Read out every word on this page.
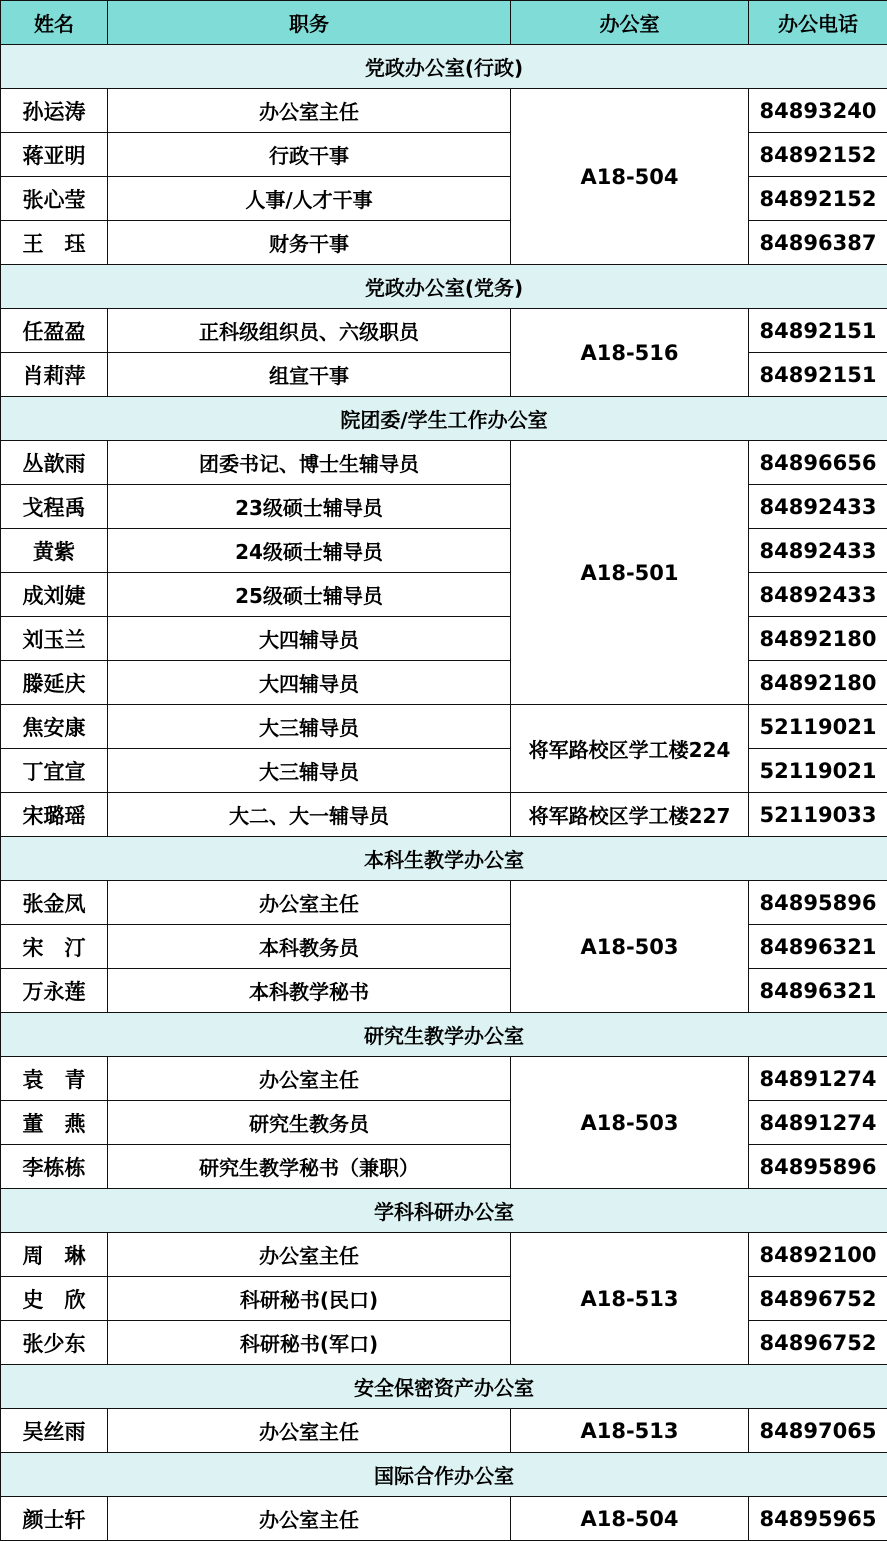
姓名	职务	办公室	办公电话
党政办公室(行政)			
孙运涛	办公室主任	A18-504	84893240
蒋亚明	行政干事		84892152
张心莹	人事/人才干事		84892152
王　珏	财务干事		84896387
党政办公室(党务)			
任盈盈	正科级组织员、六级职员	A18-516	84892151
肖莉萍	组宣干事		84892151
院团委/学生工作办公室			
丛歆雨	团委书记、博士生辅导员	A18-501	84896656
戈程禹	23级硕士辅导员		84892433
黄紫	24级硕士辅导员		84892433
成刘婕	25级硕士辅导员		84892433
刘玉兰	大四辅导员		84892180
滕延庆	大四辅导员		84892180
焦安康	大三辅导员	将军路校区学工楼224	52119021
丁宜宣	大三辅导员		52119021
宋璐瑶	大二、大一辅导员	将军路校区学工楼227	52119033
本科生教学办公室			
张金凤	办公室主任	A18-503	84895896
宋　汀	本科教务员		84896321
万永莲	本科教学秘书		84896321
研究生教学办公室			
袁　青	办公室主任	A18-503	84891274
董　燕	研究生教务员		84891274
李栋栋	研究生教学秘书（兼职）		84895896
学科科研办公室			
周　琳	办公室主任	A18-513	84892100
史　欣	科研秘书(民口)		84896752
张少东	科研秘书(军口)		84896752
安全保密资产办公室			
吴丝雨	办公室主任	A18-513	84897065
国际合作办公室			
颜士轩	办公室主任	A18-504	84895965
